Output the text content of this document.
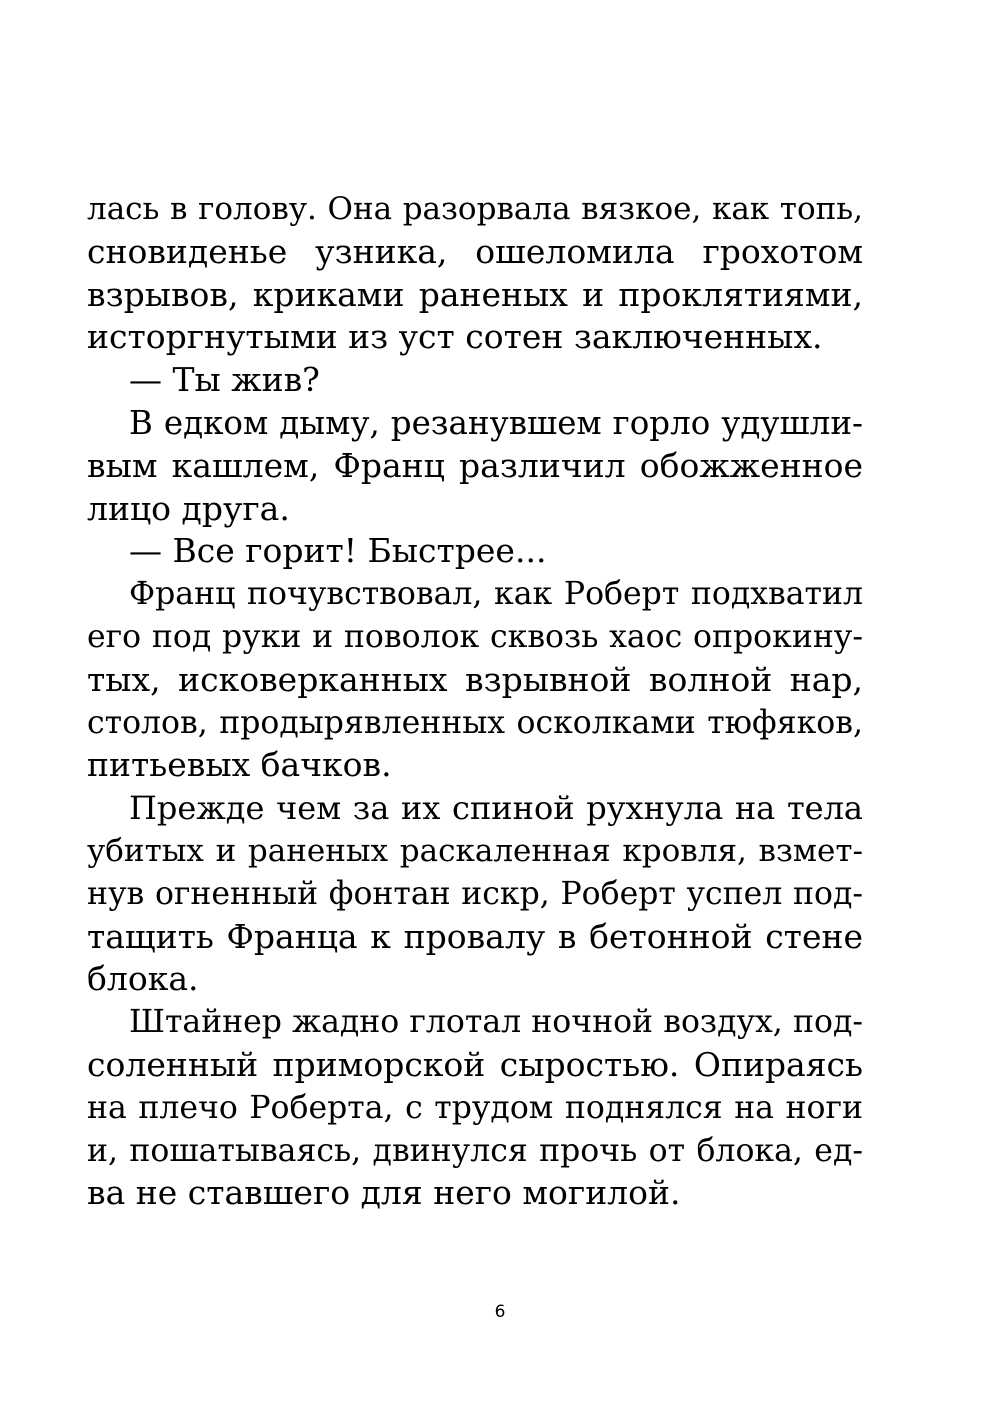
лась в голову. Она разорвала вязкое, как топь,
сновиденье узника, ошеломила грохотом
взрывов, криками раненых и проклятиями,
исторгнутыми из уст сотен заключенных.
— Ты жив?
В едком дыму, резанувшем горло удушли-
вым кашлем, Франц различил обожженное
лицо друга.
— Все горит! Быстрее...
Франц почувствовал, как Роберт подхватил
его под руки и поволок сквозь хаос опрокину-
тых, исковерканных взрывной волной нар,
столов, продырявленных осколками тюфяков,
питьевых бачков.
Прежде чем за их спиной рухнула на тела
убитых и раненых раскаленная кровля, взмет-
нув огненный фонтан искр, Роберт успел под-
тащить Франца к провалу в бетонной стене
блока.
Штайнер жадно глотал ночной воздух, под-
соленный приморской сыростью. Опираясь
на плечо Роберта, с трудом поднялся на ноги
и, пошатываясь, двинулся прочь от блока, ед-
ва не ставшего для него могилой.
6
